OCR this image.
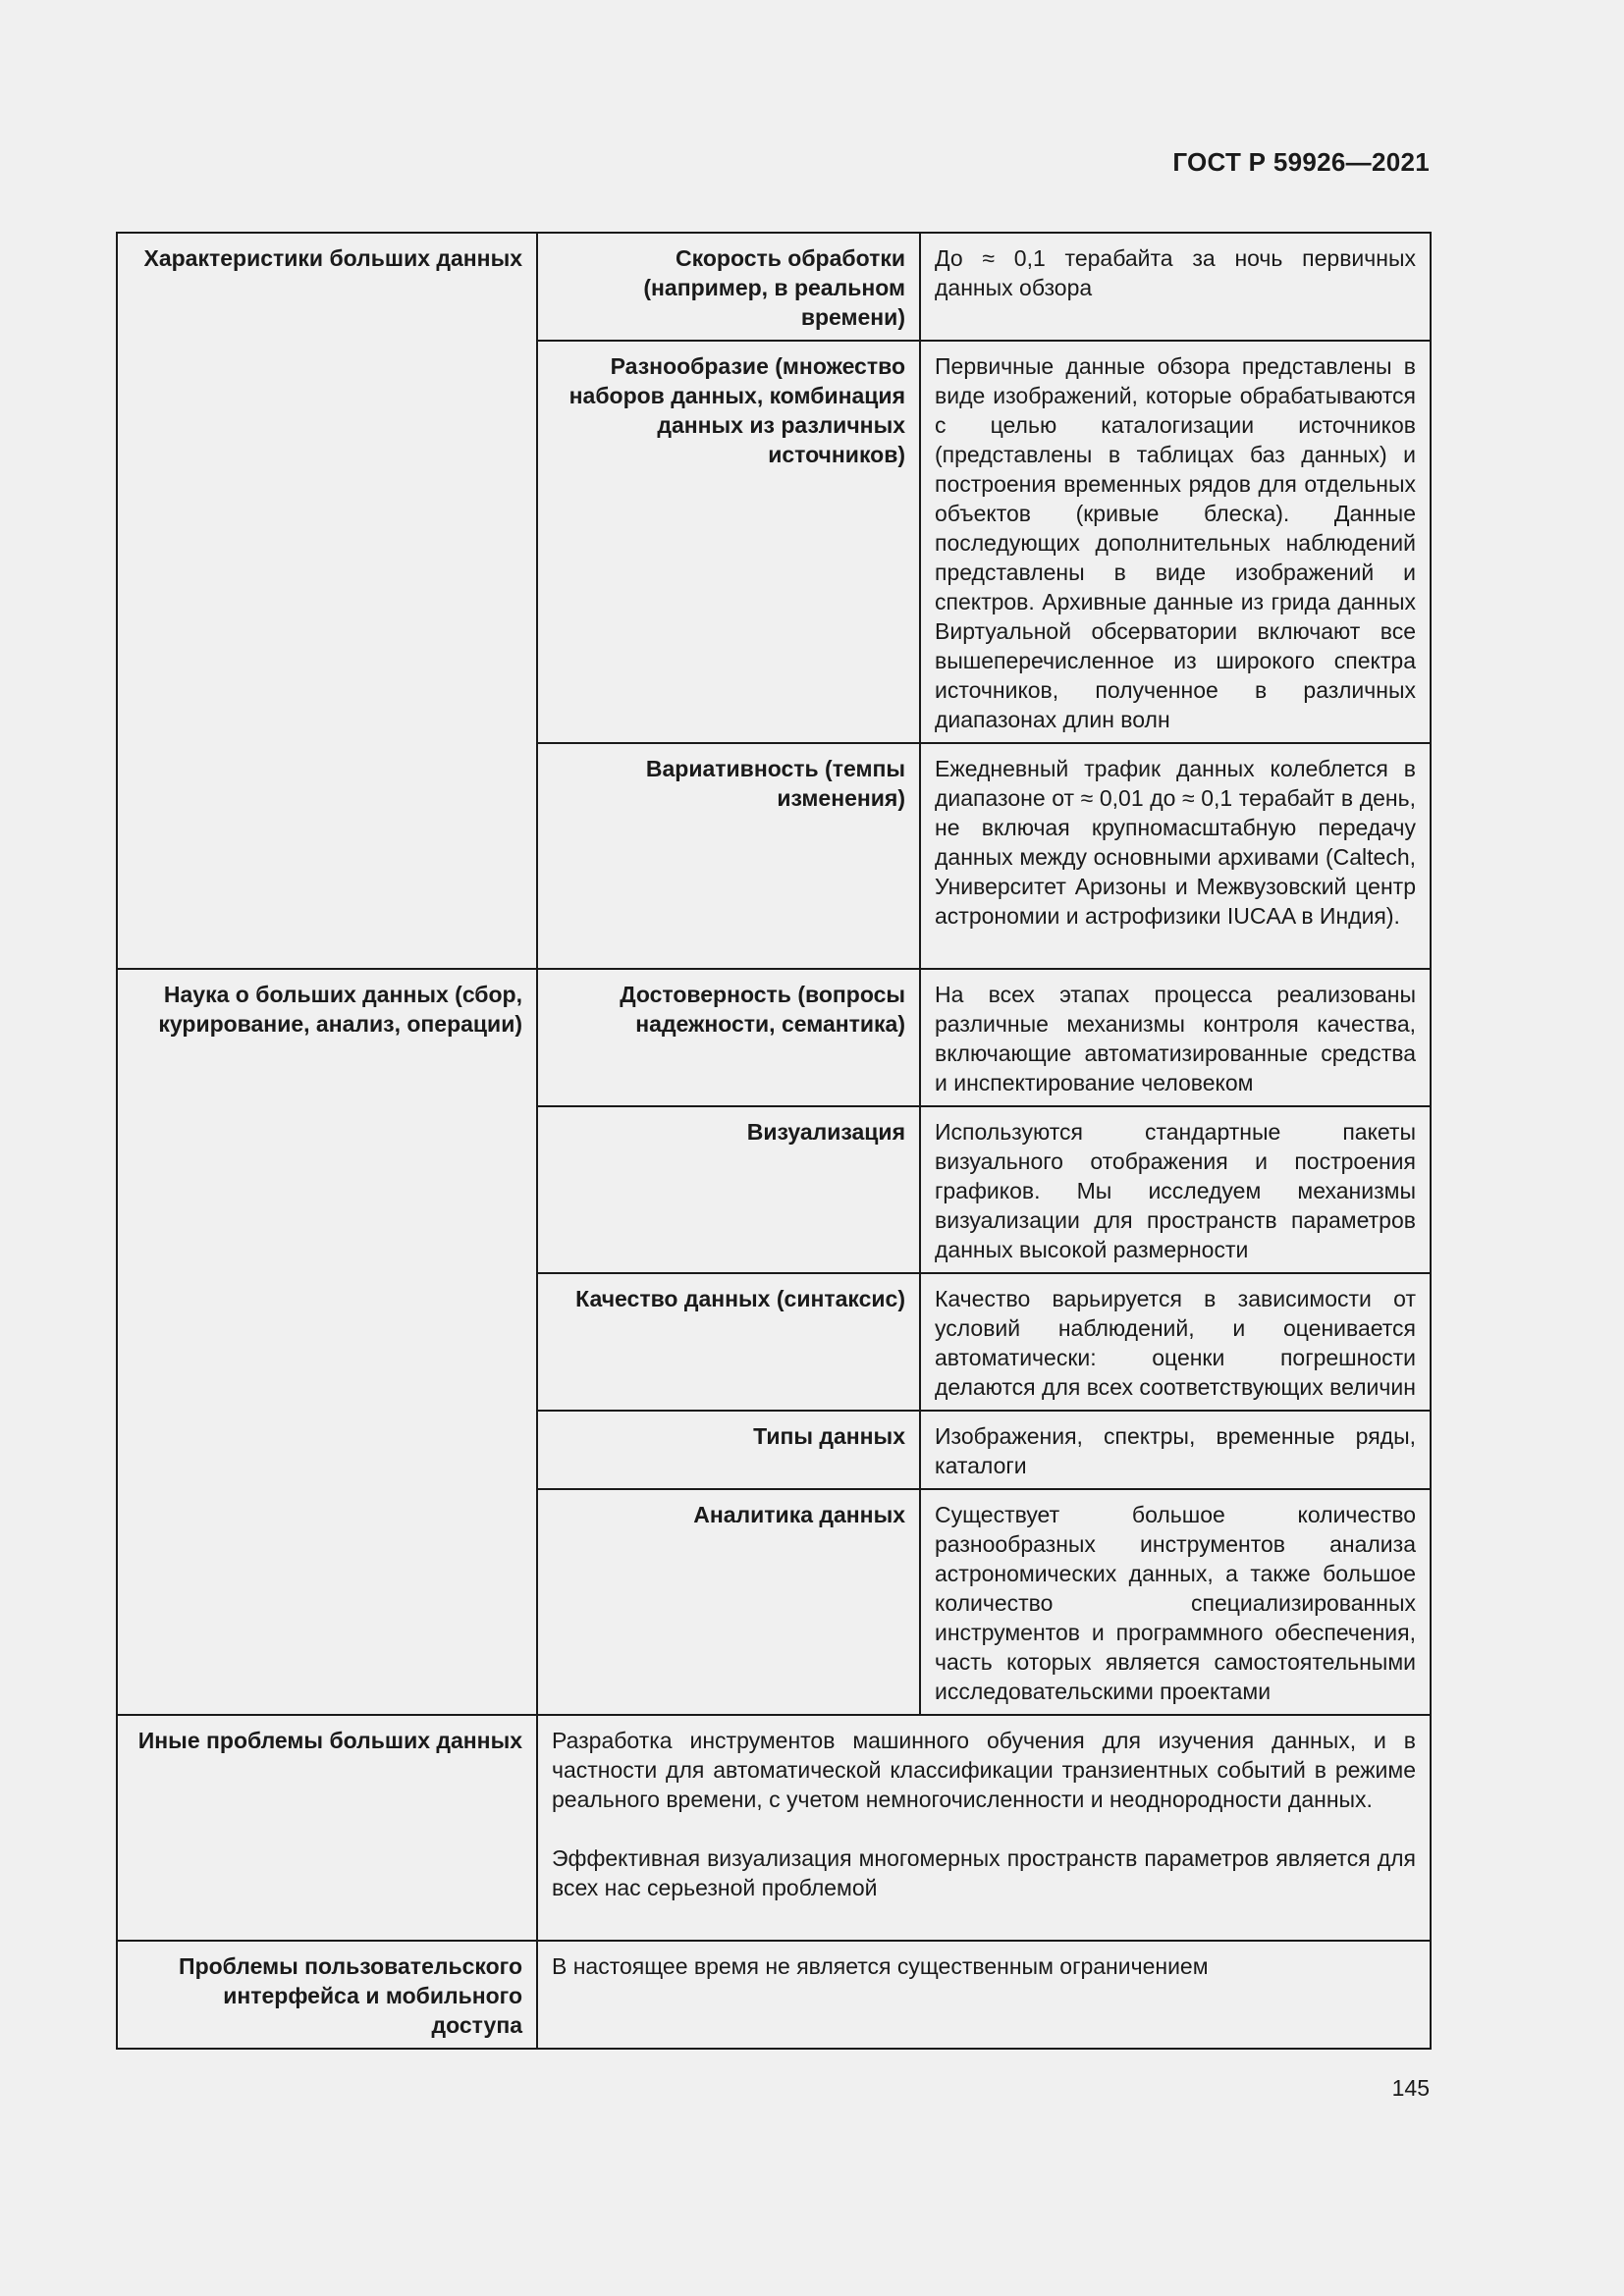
ГОСТ Р 59926—2021
Характеристики больших данных	Скорость обработки (например, в реальном времени)	До ≈ 0,1 терабайта за ночь первичных данных обзора
	Разнообразие (множество наборов данных, комбинация данных из различных источников)	Первичные данные обзора представлены в виде изображений, которые обрабатываются с целью каталогизации источников (представлены в таблицах баз данных) и построения временных рядов для отдельных объектов (кривые блеска). Данные последующих дополнительных наблюдений представлены в виде изображений и спектров. Архивные данные из грида данных Виртуальной обсерватории включают все вышеперечисленное из широкого спектра источников, полученное в различных диапазонах длин волн
	Вариативность (темпы изменения)	Ежедневный трафик данных колеблется в диапазоне от ≈ 0,01 до ≈ 0,1 терабайт в день, не включая крупномасштабную передачу данных между основными архивами (Caltech, Университет Аризоны и Межвузовский центр астрономии и астрофизики IUCAA в Индия).
Наука о больших данных (сбор, курирование, анализ, операции)	Достоверность (вопросы надежности, семантика)	На всех этапах процесса реализованы различные механизмы контроля качества, включающие автоматизированные средства и инспектирование человеком
	Визуализация	Используются стандартные пакеты визуального отображения и построения графиков. Мы исследуем механизмы визуализации для пространств параметров данных высокой размерности
	Качество данных (синтаксис)	Качество варьируется в зависимости от условий наблюдений, и оценивается автоматически: оценки погрешности делаются для всех соответствующих величин
	Типы данных	Изображения, спектры, временные ряды, каталоги
	Аналитика данных	Существует большое количество разнообразных инструментов анализа астрономических данных, а также большое количество специализированных инструментов и программного обеспечения, часть которых является самостоятельными исследовательскими проектами
Иные проблемы больших данных	Разработка инструментов машинного обучения для изучения данных, и в частности для автоматической классификации транзиентных событий в режиме реального времени, с учетом немногочисленности и неоднородности данных.

Эффективная визуализация многомерных пространств параметров является для всех нас серьезной проблемой	

Проблемы пользовательского интерфейса и мобильного доступа	В настоящее время не является существенным ограничением	
145
